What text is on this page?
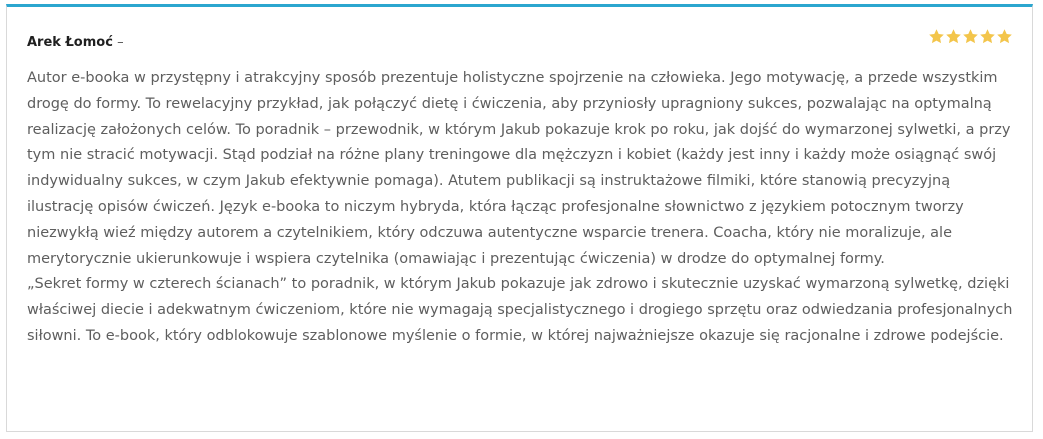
Arek Łomoć –

Autor e-booka w przystępny i atrakcyjny sposób prezentuje holistyczne spojrzenie na człowieka. Jego motywację, a przede wszystkim drogę do formy. To rewelacyjny przykład, jak połączyć dietę i ćwiczenia, aby przyniosły upragniony sukces, pozwalając na optymalną realizację założonych celów. To poradnik – przewodnik, w którym Jakub pokazuje krok po roku, jak dojść do wymarzonej sylwetki, a przy tym nie stracić motywacji. Stąd podział na różne plany treningowe dla mężczyzn i kobiet (każdy jest inny i każdy może osiągnąć swój indywidualny sukces, w czym Jakub efektywnie pomaga). Atutem publikacji są instruktażowe filmiki, które stanowią precyzyjną ilustrację opisów ćwiczeń. Język e-booka to niczym hybryda, która łącząc profesjonalne słownictwo z językiem potocznym tworzy niezwykłą wieź między autorem a czytelnikiem, który odczuwa autentyczne wsparcie trenera. Coacha, który nie moralizuje, ale merytorycznie ukierunkowuje i wspiera czytelnika (omawiając i prezentując ćwiczenia) w drodze do optymalnej formy.

„Sekret formy w czterech ścianach” to poradnik, w którym Jakub pokazuje jak zdrowo i skutecznie uzyskać wymarzoną sylwetkę, dzięki właściwej diecie i adekwatnym ćwiczeniom, które nie wymagają specjalistycznego i drogiego sprzętu oraz odwiedzania profesjonalnych siłowni. To e-book, który odblokowuje szablonowe myślenie o formie, w której najważniejsze okazuje się racjonalne i zdrowe podejście.
